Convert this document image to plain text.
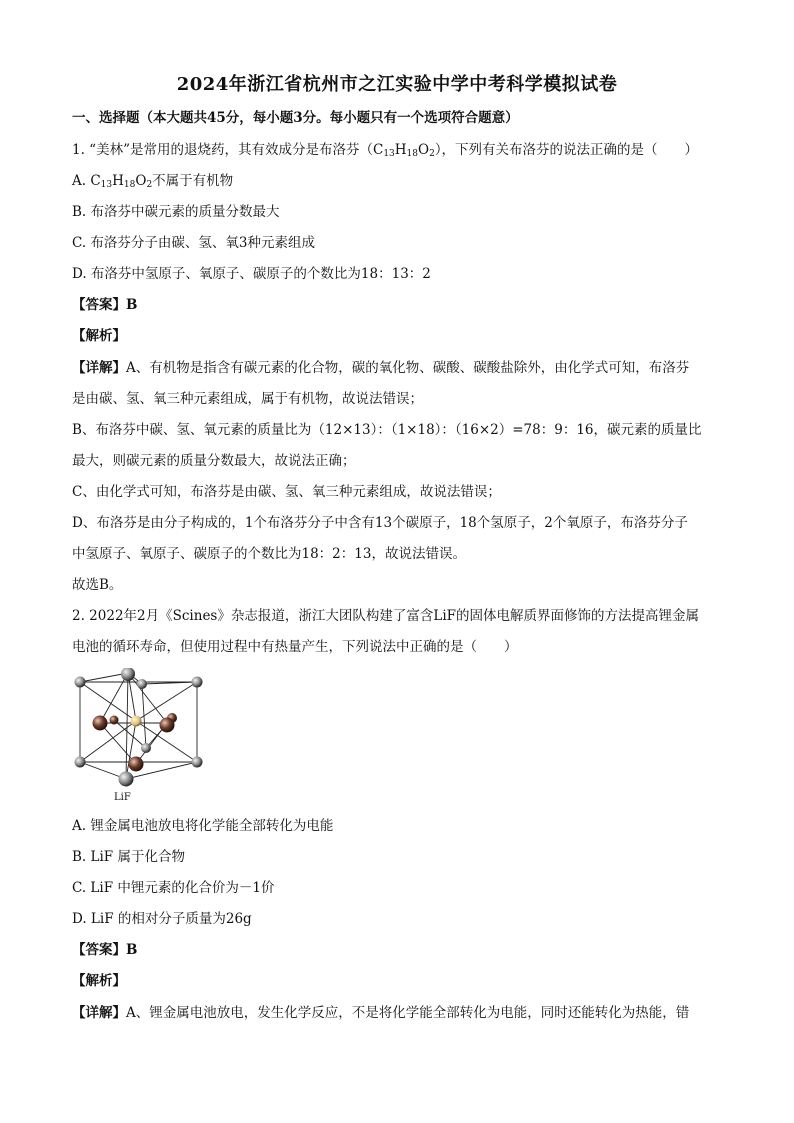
2024年浙江省杭州市之江实验中学中考科学模拟试卷
一、选择题（本大题共45分，每小题3分。每小题只有一个选项符合题意）
1. “美林”是常用的退烧药，其有效成分是布洛芬$(C_{13}H_{18}O_2)$，下列有关布洛芬的说法正确的是（　　）
A. $C_{13}H_{18}O_2$不属于有机物
B. 布洛芬中碳元素的质量分数最大
C. 布洛芬分子由碳、氢、氧3种元素组成
D. 布洛芬中氢原子、氧原子、碳原子的个数比为18：13：2
【答案】B
【解析】
【详解】A、有机物是指含有碳元素的化合物，碳的氧化物、碳酸、碳酸盐除外，由化学式可知，布洛芬
是由碳、氢、氧三种元素组成，属于有机物，故说法错误；
B、布洛芬中碳、氢、氧元素的质量比为（12×13）：（1×18）：（16×2）=78：9：16，碳元素的质量比
最大，则碳元素的质量分数最大，故说法正确；
C、由化学式可知，布洛芬是由碳、氢、氧三种元素组成，故说法错误；
D、布洛芬是由分子构成的，1个布洛芬分子中含有13个碳原子，18个氢原子，2个氧原子，布洛芬分子
中氢原子、氧原子、碳原子的个数比为18：2：13，故说法错误。
故选B。
2. 2022年2月《Scines》杂志报道，浙江大团队构建了富含LiF的固体电解质界面修饰的方法提高锂金属
电池的循环寿命，但使用过程中有热量产生，下列说法中正确的是（　　）
LiF
A. 锂金属电池放电将化学能全部转化为电能
B. LiF 属于化合物
C. LiF 中锂元素的化合价为－1价
D. LiF 的相对分子质量为26g
【答案】B
【解析】
【详解】A、锂金属电池放电，发生化学反应，不是将化学能全部转化为电能，同时还能转化为热能，错
